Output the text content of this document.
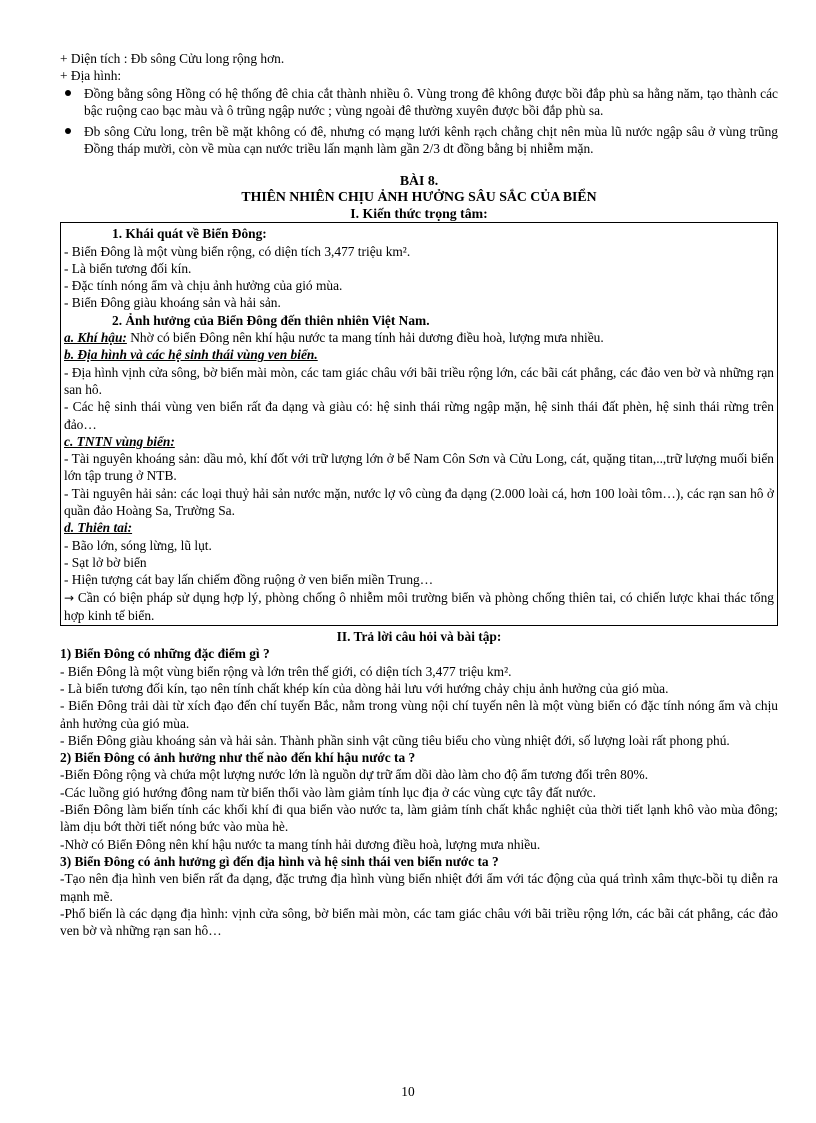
+ Diện tích : Đb sông Cửu long rộng hơn.

+ Địa hình:

Đồng bằng sông Hồng có hệ thống đê chia cắt thành nhiều ô. Vùng trong đê không được bồi đắp phù sa hằng năm, tạo thành các bậc ruộng cao bạc màu và ô trũng ngập nước ; vùng ngoài đê thường xuyên được bồi đắp phù sa.
Đb sông Cửu long, trên bề mặt không có đê, nhưng có mạng lưới kênh rạch chằng chịt nên mùa lũ nước ngập sâu ở vùng trũng Đồng tháp mười, còn về mùa cạn nước triều lấn mạnh làm gần 2/3 dt đồng bằng bị nhiễm mặn.
BÀI 8.
THIÊN NHIÊN CHỊU ẢNH HƯỞNG SÂU SẮC CỦA BIỂN
I. Kiến thức trọng tâm:

1. Khái quát về Biển Đông:

- Biển Đông là một vùng biển rộng, có diện tích 3,477 triệu km².

- Là biển tương đối kín.

- Đặc tính nóng ẩm và chịu ảnh hưởng của gió mùa.

- Biển Đông giàu khoáng sản và hải sản.

2. Ảnh hưởng của Biển Đông đến thiên nhiên Việt Nam.

a. Khí hậu: Nhờ có biển Đông nên khí hậu nước ta mang tính hải dương điều hoà, lượng mưa nhiều.

b. Địa hình và các hệ sinh thái vùng ven biển.

- Địa hình vịnh cửa sông, bờ biển mài mòn, các tam giác châu với bãi triều rộng lớn, các bãi cát phẳng, các đảo ven bờ và những rạn san hô.

- Các hệ sinh thái vùng ven biển rất đa dạng và giàu có: hệ sinh thái rừng ngập mặn, hệ sinh thái đất phèn, hệ sinh thái rừng trên đảo…

c. TNTN vùng biển:

- Tài nguyên khoáng sản: dầu mỏ, khí đốt với trữ lượng lớn ở bể Nam Côn Sơn và Cửu Long, cát, quặng titan,..,trữ lượng muối biển lớn tập trung ở NTB.

- Tài nguyên hải sản: các loại thuỷ hải sản nước mặn, nước lợ vô cùng đa dạng (2.000 loài cá, hơn 100 loài tôm…), các rạn san hô ở quần đảo Hoàng Sa, Trường Sa.

d. Thiên tai:

- Bão lớn, sóng lừng, lũ lụt.

- Sạt lở bờ biển

- Hiện tượng cát bay lấn chiếm đồng ruộng ở ven biển miền Trung…

→ Cần có biện pháp sử dụng hợp lý, phòng chống ô nhiễm môi trường biển và phòng chống thiên tai, có chiến lược khai thác tổng hợp kinh tế biển.

II. Trả lời câu hỏi và bài tập:

1) Biển Đông có những đặc điểm gì ?

- Biển Đông là một vùng biển rộng và lớn trên thế giới, có diện tích 3,477 triệu km².

- Là biển tương đối kín, tạo nên tính chất khép kín của dòng hải lưu với hướng chảy chịu ảnh hưởng của gió mùa.

- Biển Đông trải dài từ xích đạo đến chí tuyến Bắc, nằm trong vùng nội chí tuyến nên là một vùng biển có đặc tính nóng ẩm và chịu ảnh hưởng của gió mùa.

- Biển Đông giàu khoáng sản và hải sản. Thành phần sinh vật cũng tiêu biểu cho vùng nhiệt đới, số lượng loài rất phong phú.

2) Biển Đông có ảnh hưởng như thế nào đến khí hậu nước ta ?

-Biển Đông rộng và chứa một lượng nước lớn là nguồn dự trữ ẩm dồi dào làm cho độ ẩm tương đối trên 80%.

-Các luồng gió hướng đông nam từ biển thổi vào làm giảm tính lục địa ở các vùng cực tây đất nước.

-Biển Đông làm biến tính các khối khí đi qua biển vào nước ta, làm giảm tính chất khắc nghiệt của thời tiết lạnh khô vào mùa đông; làm dịu bớt thời tiết nóng bức vào mùa hè.

-Nhờ có Biển Đông nên khí hậu nước ta mang tính hải dương điều hoà, lượng mưa nhiều.

3) Biển Đông có ảnh hưởng gì đến địa hình và hệ sinh thái ven biển nước ta ?

-Tạo nên địa hình ven biển rất đa dạng, đặc trưng địa hình vùng biển nhiệt đới ẩm với tác động của quá trình xâm thực-bồi tụ diễn ra mạnh mẽ.

-Phổ biến là các dạng địa hình: vịnh cửa sông, bờ biển mài mòn, các tam giác châu với bãi triều rộng lớn, các bãi cát phẳng, các đảo ven bờ và những rạn san hô…

10
